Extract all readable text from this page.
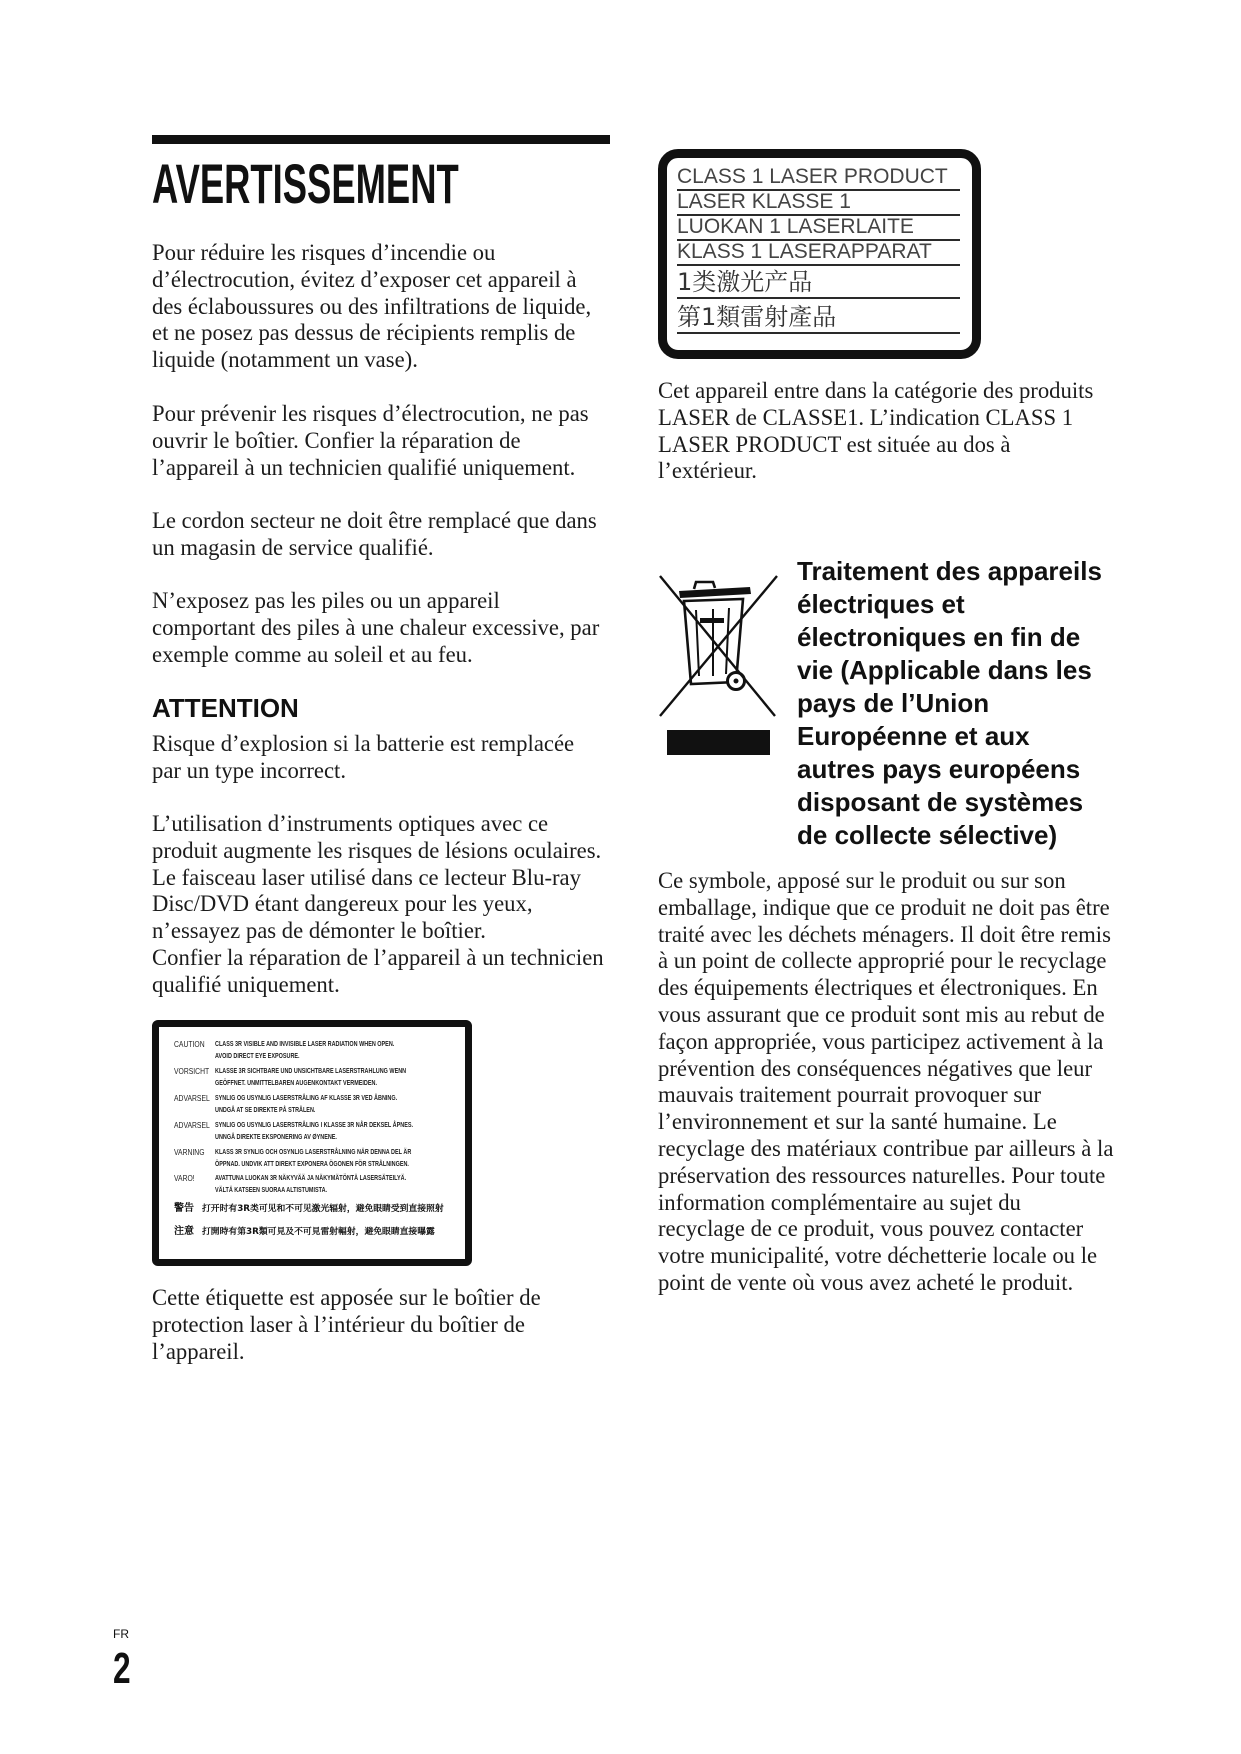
AVERTISSEMENT
Pour réduire les risques d’incendie ou
d’électrocution, évitez d’exposer cet appareil à
des éclaboussures ou des infiltrations de liquide,
et ne posez pas dessus de récipients remplis de
liquide (notamment un vase).
Pour prévenir les risques d’électrocution, ne pas
ouvrir le boîtier. Confier la réparation de
l’appareil à un technicien qualifié uniquement.
Le cordon secteur ne doit être remplacé que dans
un magasin de service qualifié.
N’exposez pas les piles ou un appareil
comportant des piles à une chaleur excessive, par
exemple comme au soleil et au feu.
ATTENTION
Risque d’explosion si la batterie est remplacée
par un type incorrect.
L’utilisation d’instruments optiques avec ce
produit augmente les risques de lésions oculaires.
Le faisceau laser utilisé dans ce lecteur Blu-ray
Disc/DVD étant dangereux pour les yeux,
n’essayez pas de démonter le boîtier.
Confier la réparation de l’appareil à un technicien
qualifié uniquement.
CAUTION CLASS 3R VISIBLE AND INVISIBLE LASER RADIATION WHEN OPEN.
AVOID DIRECT EYE EXPOSURE.
VORSICHT KLASSE 3R SICHTBARE UND UNSICHTBARE LASERSTRAHLUNG WENN
GEÖFFNET. UNMITTELBAREN AUGENKONTAKT VERMEIDEN.
ADVARSEL SYNLIG OG USYNLIG LASERSTRÅLING AF KLASSE 3R VED ÅBNING.
UNDGÅ AT SE DIREKTE PÅ STRÅLEN.
ADVARSEL SYNLIG OG USYNLIG LASERSTRÅLING I KLASSE 3R NÅR DEKSEL ÅPNES.
UNNGÅ DIREKTE EKSPONERING AV ØYNENE.
VARNING KLASS 3R SYNLIG OCH OSYNLIG LASERSTRÅLNING NÄR DENNA DEL ÄR
ÖPPNAD. UNDVIK ATT DIREKT EXPONERA ÖGONEN FÖR STRÅLNINGEN.
VARO!	AVATTUNA LUOKAN 3R NÄKYVÄÄ JA NÄKYMÄTÖNTÄ LASERSÄTEILYÄ.
VÄLTÄ KATSEEN SUORAA ALTISTUMISTA.
警告 打开时有3R类可见和不可见激光辐射，避免眼睛受到直接照射
注意 打開時有第3R類可見及不可見雷射輻射，避免眼睛直接曝露
Cette étiquette est apposée sur le boîtier de
protection laser à l’intérieur du boîtier de
l’appareil.
CLASS 1 LASER PRODUCT
LASER KLASSE 1
LUOKAN 1 LASERLAITE
KLASS 1 LASERAPPARAT
1类激光产品
第1類雷射產品
Cet appareil entre dans la catégorie des produits
LASER de CLASSE1. L’indication CLASS 1
LASER PRODUCT est située au dos à
l’extérieur.
Traitement des appareils
électriques et
électroniques en fin de
vie (Applicable dans les
pays de l’Union
Européenne et aux
autres pays européens
disposant de systèmes
de collecte sélective)
Ce symbole, apposé sur le produit ou sur son
emballage, indique que ce produit ne doit pas être
traité avec les déchets ménagers. Il doit être remis
à un point de collecte approprié pour le recyclage
des équipements électriques et électroniques. En
vous assurant que ce produit sont mis au rebut de
façon appropriée, vous participez activement à la
prévention des conséquences négatives que leur
mauvais traitement pourrait provoquer sur
l’environnement et sur la santé humaine. Le
recyclage des matériaux contribue par ailleurs à la
préservation des ressources naturelles. Pour toute
information complémentaire au sujet du
recyclage de ce produit, vous pouvez contacter
votre municipalité, votre déchetterie locale ou le
point de vente où vous avez acheté le produit.
FR
2
